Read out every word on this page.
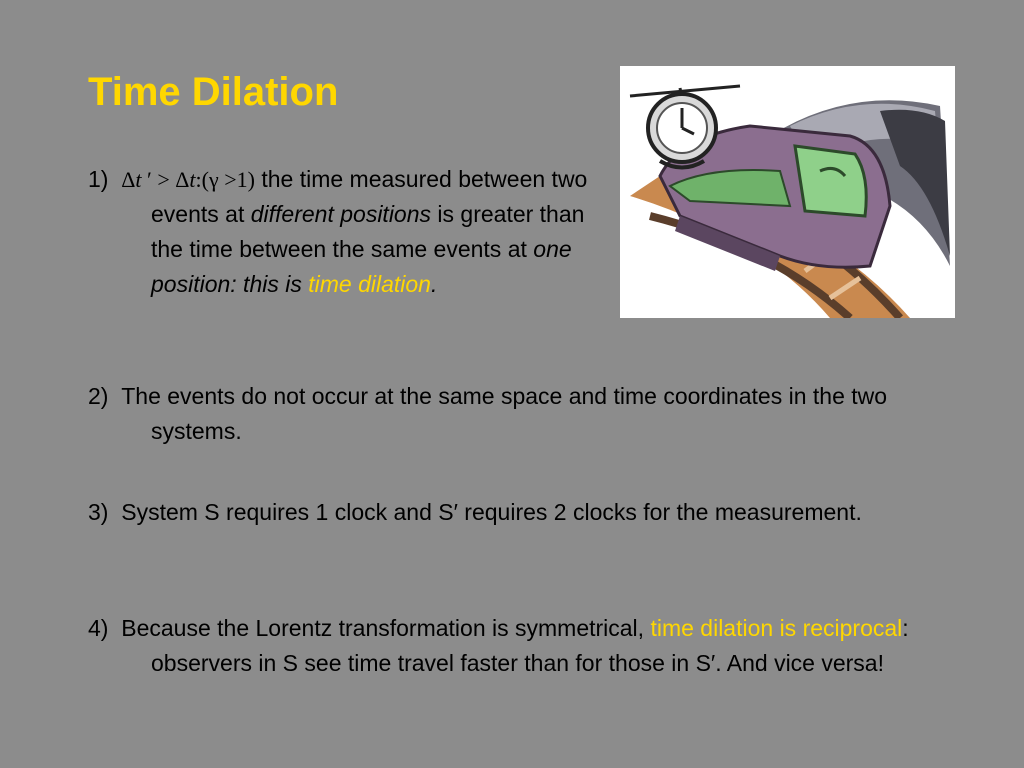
Time Dilation

1) Δt ′ > Δt:(γ >1) the time measured between two events at different positions is greater than the time between the same events at one position: this is time dilation.

2) The events do not occur at the same space and time coordinates in the two systems.

3) System S requires 1 clock and S′ requires 2 clocks for the measurement.

4) Because the Lorentz transformation is symmetrical, time dilation is reciprocal: observers in S see time travel faster than for those in S′. And vice versa!
